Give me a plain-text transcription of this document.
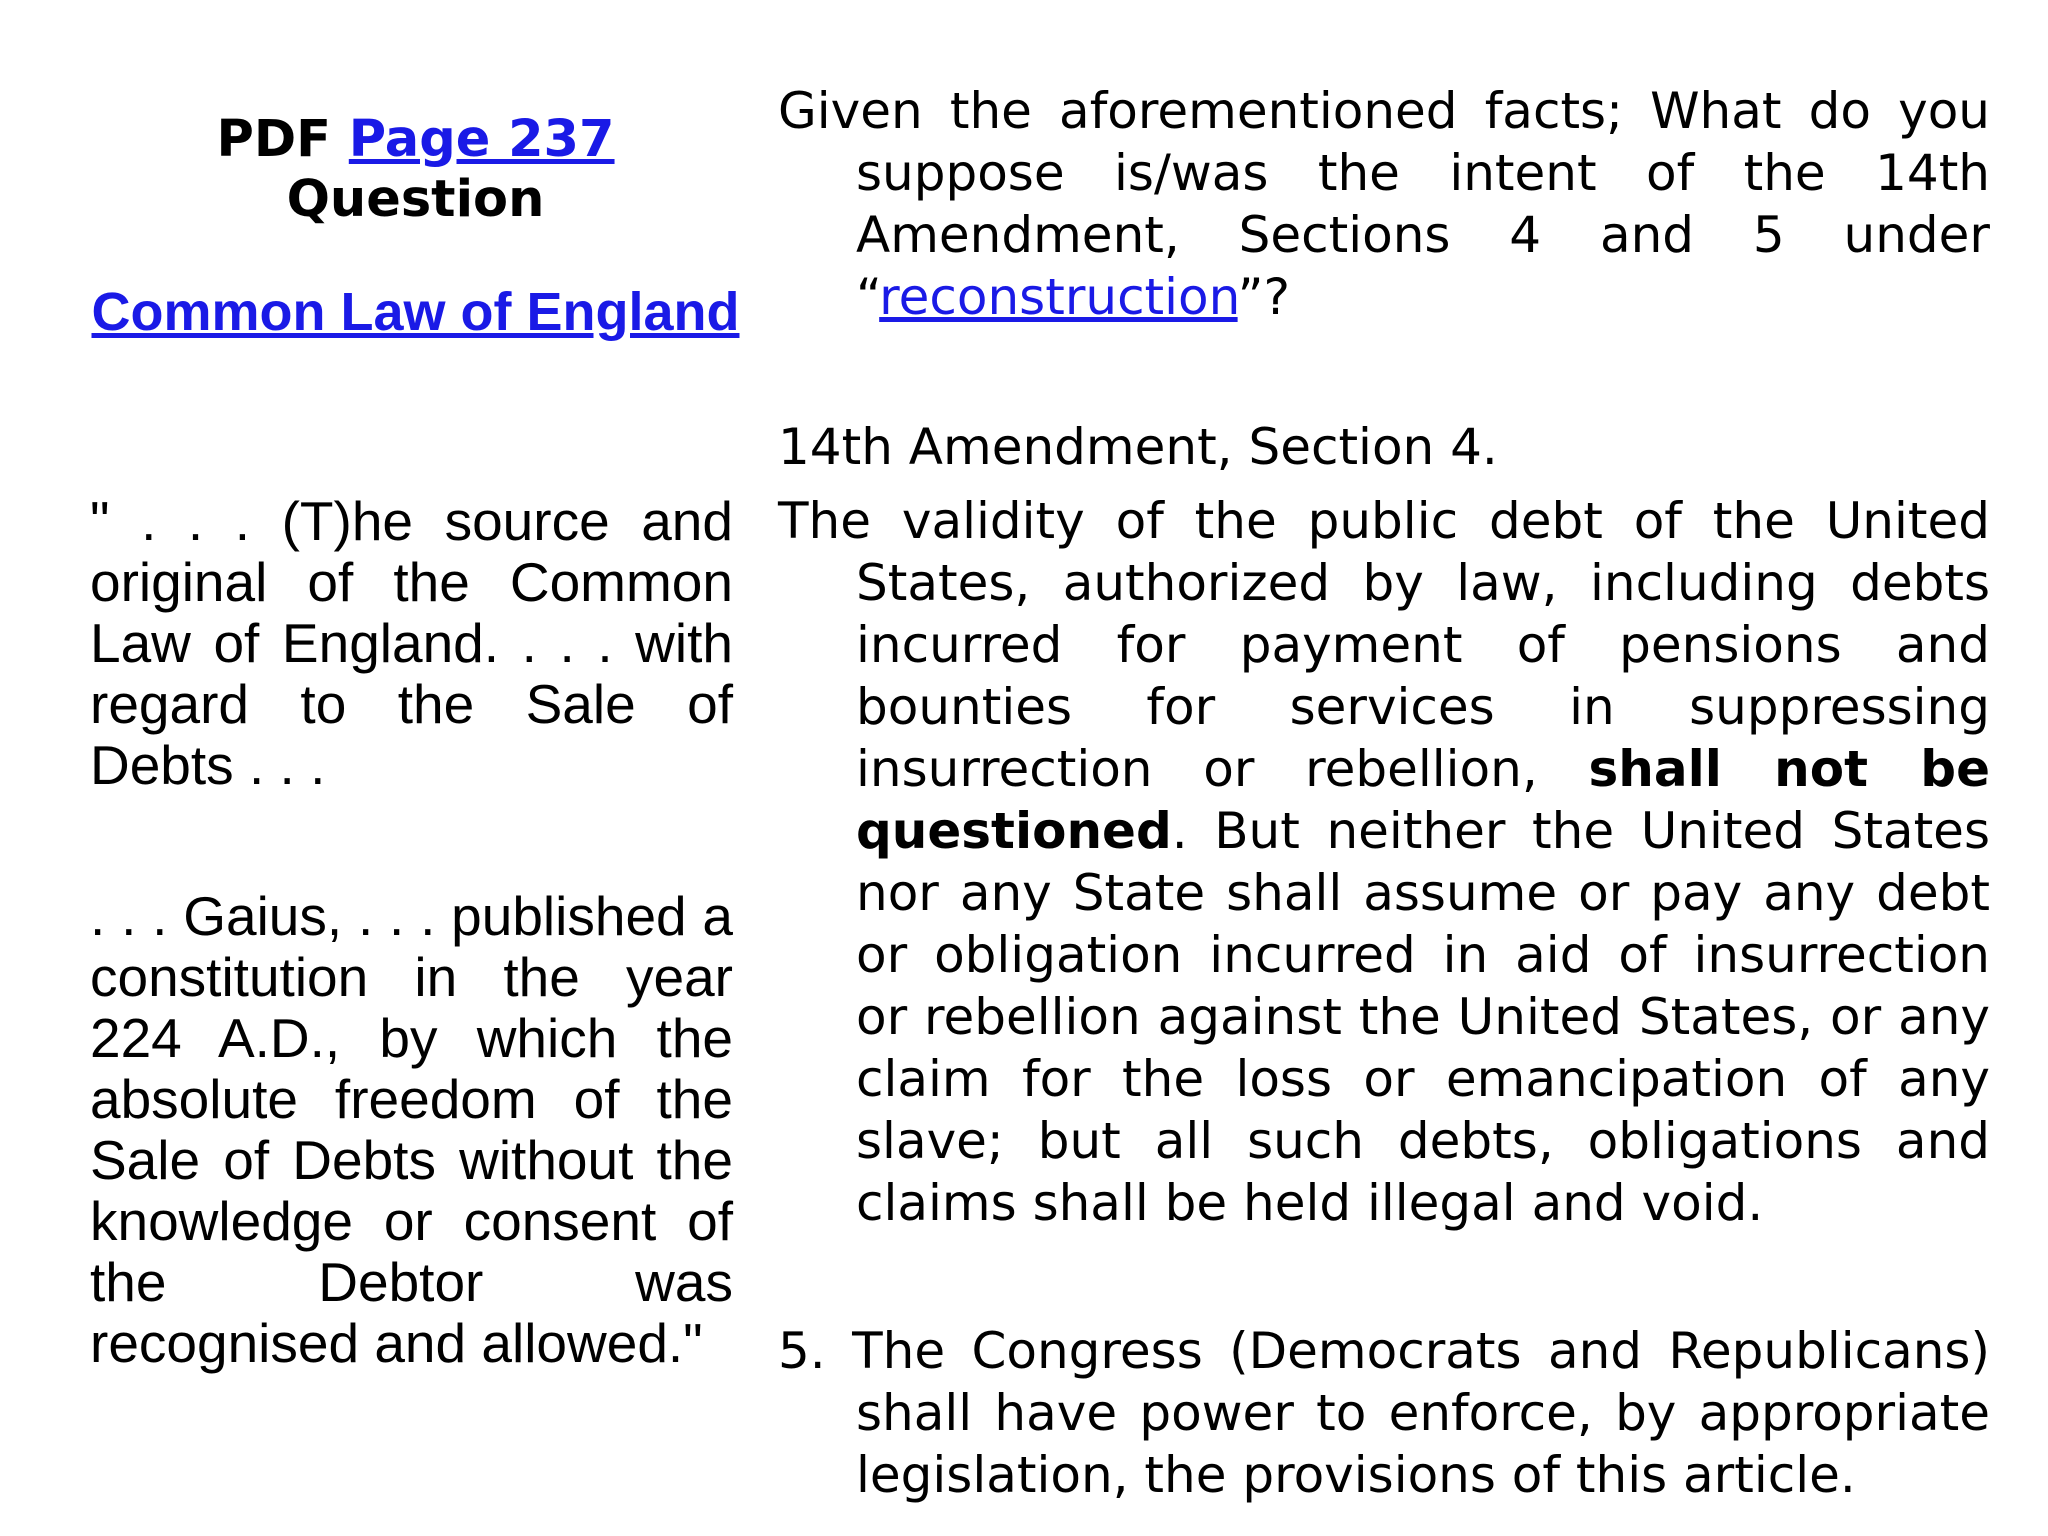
PDF Page 237
Question
Common Law of England

" . . . (T)he source and original of the Common Law of England. . . . with regard to the Sale of Debts . . .

. . . Gaius, . . . published a constitution in the year 224 A.D., by which the absolute freedom of the Sale of Debts without the knowledge or consent of the Debtor was recognised and allowed."

Given the aforementioned facts; What do you suppose is/was the intent of the 14th Amendment, Sections 4 and 5 under “reconstruction”?

14th Amendment, Section 4.

The validity of the public debt of the United States, authorized by law, including debts incurred for payment of pensions and bounties for services in suppressing insurrection or rebellion, shall not be questioned. But neither the United States nor any State shall assume or pay any debt or obligation incurred in aid of insurrection or rebellion against the United States, or any claim for the loss or emancipation of any slave; but all such debts, obligations and claims shall be held illegal and void.

5. The Congress (Democrats and Republicans) shall have power to enforce, by appropriate legislation, the provisions of this article.
